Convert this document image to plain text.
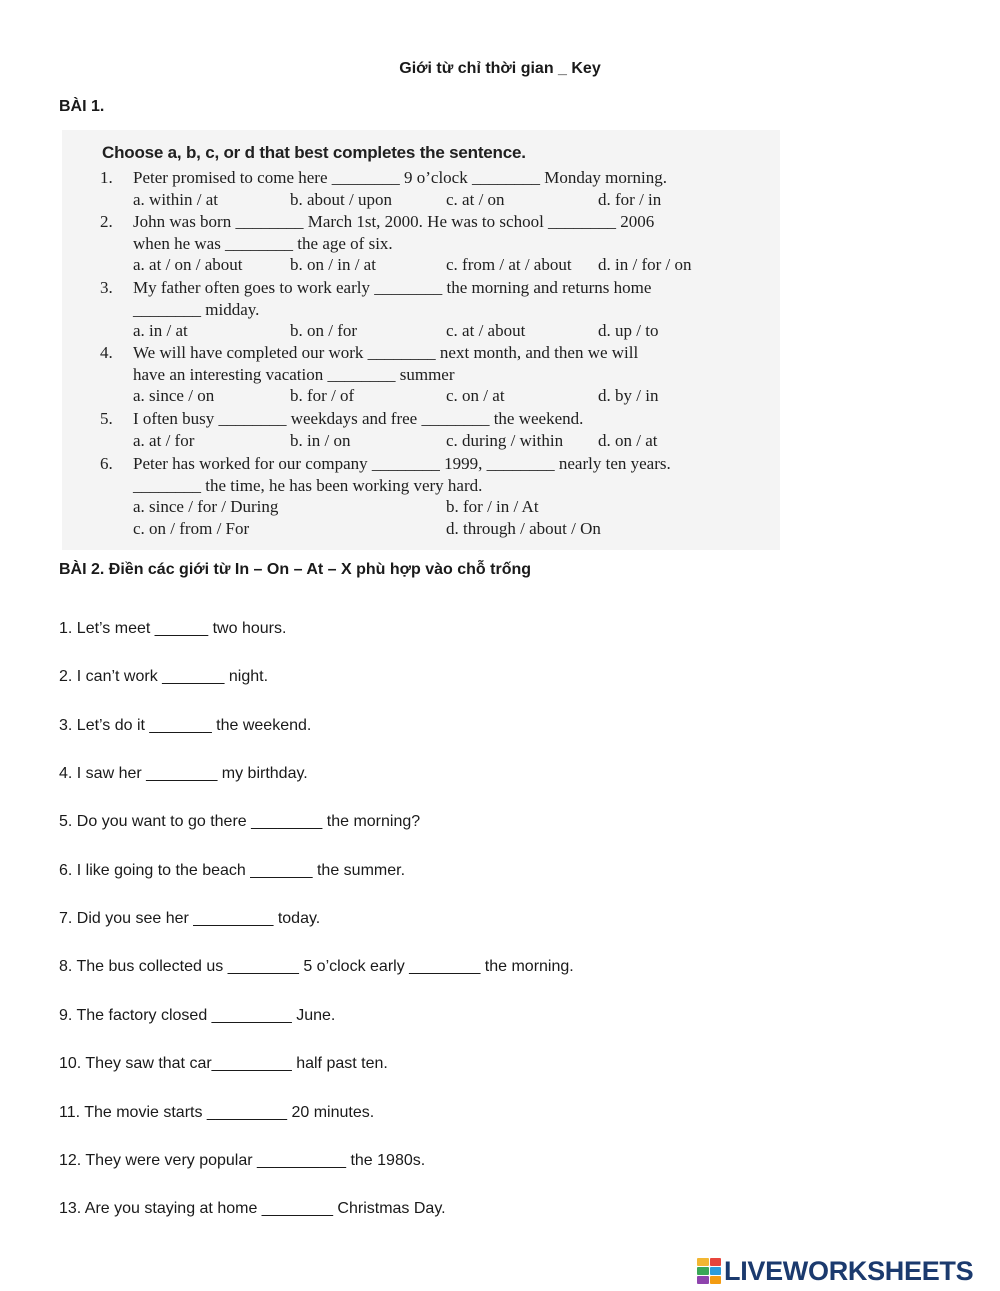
Giới từ chỉ thời gian _ Key
BÀI 1.
Choose a, b, c, or d that best completes the sentence.
1. Peter promised to come here ________ 9 o’clock ________ Monday morning.
a. within / at	b. about / upon	c. at / on	d. for / in
2. John was born ________ March 1st, 2000. He was to school ________ 2006
when he was ________ the age of six.
a. at / on / about	b. on / in / at	c. from / at / about d. in / for / on
3. My father often goes to work early ________ the morning and returns home
________ midday.
a. in / at	b. on / for	c. at / about	d. up / to
4. We will have completed our work ________ next month, and then we will
have an interesting vacation ________ summer
a. since / on	b. for / of	c. on / at	d. by / in
5. I often busy ________ weekdays and free ________ the weekend.
a. at / for	b. in / on	c. during / within d. on / at
6. Peter has worked for our company ________ 1999, ________ nearly ten years.
________ the time, he has been working very hard.
a. since / for / During	b. for / in / At
c. on / from / For	d. through / about / On
BÀI 2. Điền các giới từ In – On – At – X phù hợp vào chỗ trống
1. Let’s meet ______ two hours.
2. I can’t work _______ night.
3. Let’s do it _______ the weekend.
4. I saw her ________ my birthday.
5. Do you want to go there ________ the morning?
6. I like going to the beach _______ the summer.
7. Did you see her _________ today.
8. The bus collected us ________ 5 o’clock early ________ the morning.
9. The factory closed _________ June.
10. They saw that car_________ half past ten.
11. The movie starts _________ 20 minutes.
12. They were very popular __________ the 1980s.
13. Are you staying at home ________ Christmas Day.
LIVEWORKSHEETS
